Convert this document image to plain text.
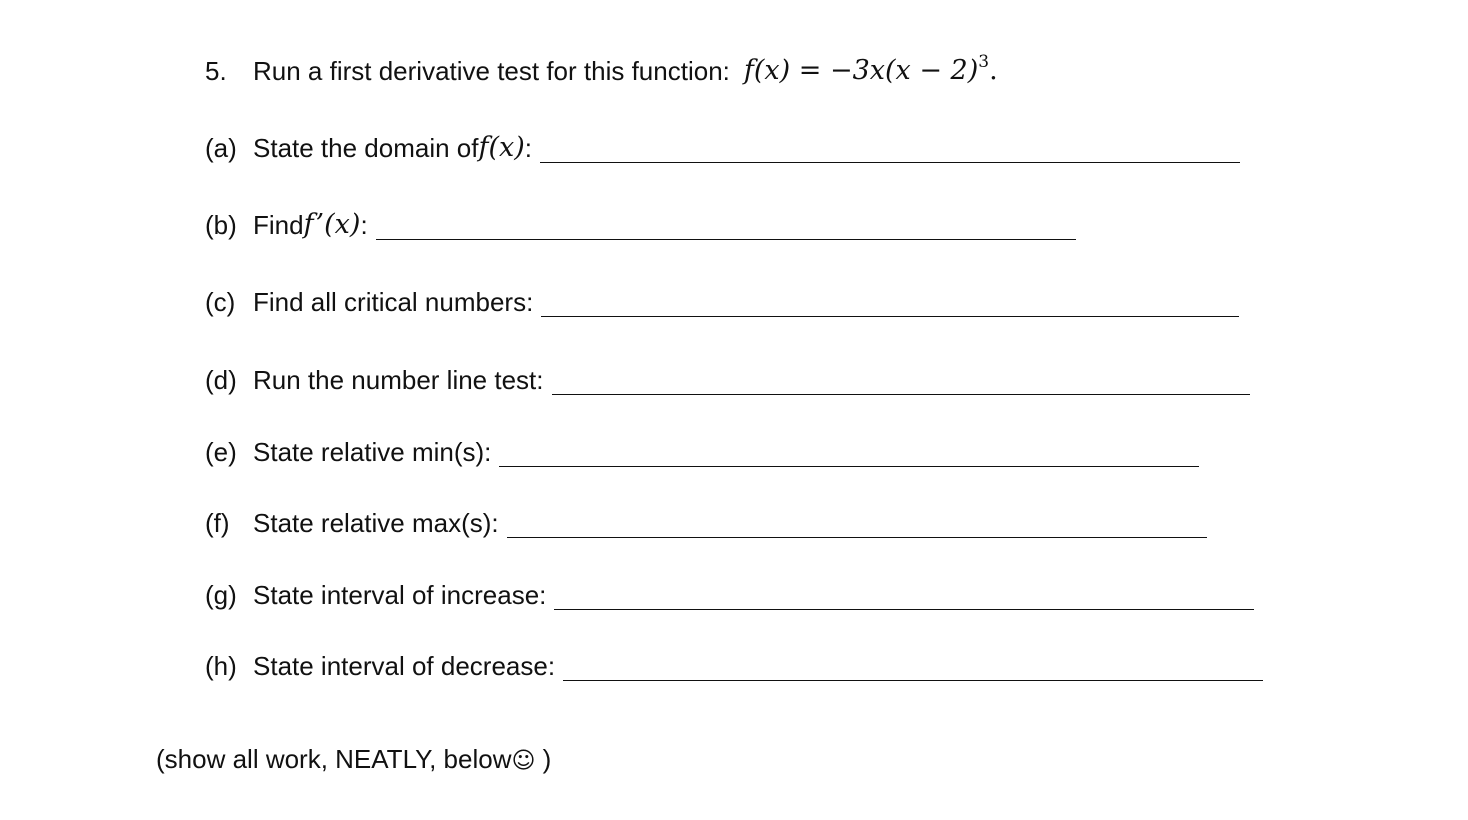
5.	Run a first derivative test for this function: $f(x) = -3x(x - 2)^3$.
(a) State the domain of f(x) :
(b) Find f’(x) :
(c) Find all critical numbers:
(d) Run the number line test:
(e) State relative min(s):
(f) State relative max(s):
(g) State interval of increase:
(h) State interval of decrease:
(show all work, NEATLY, below☺ )
